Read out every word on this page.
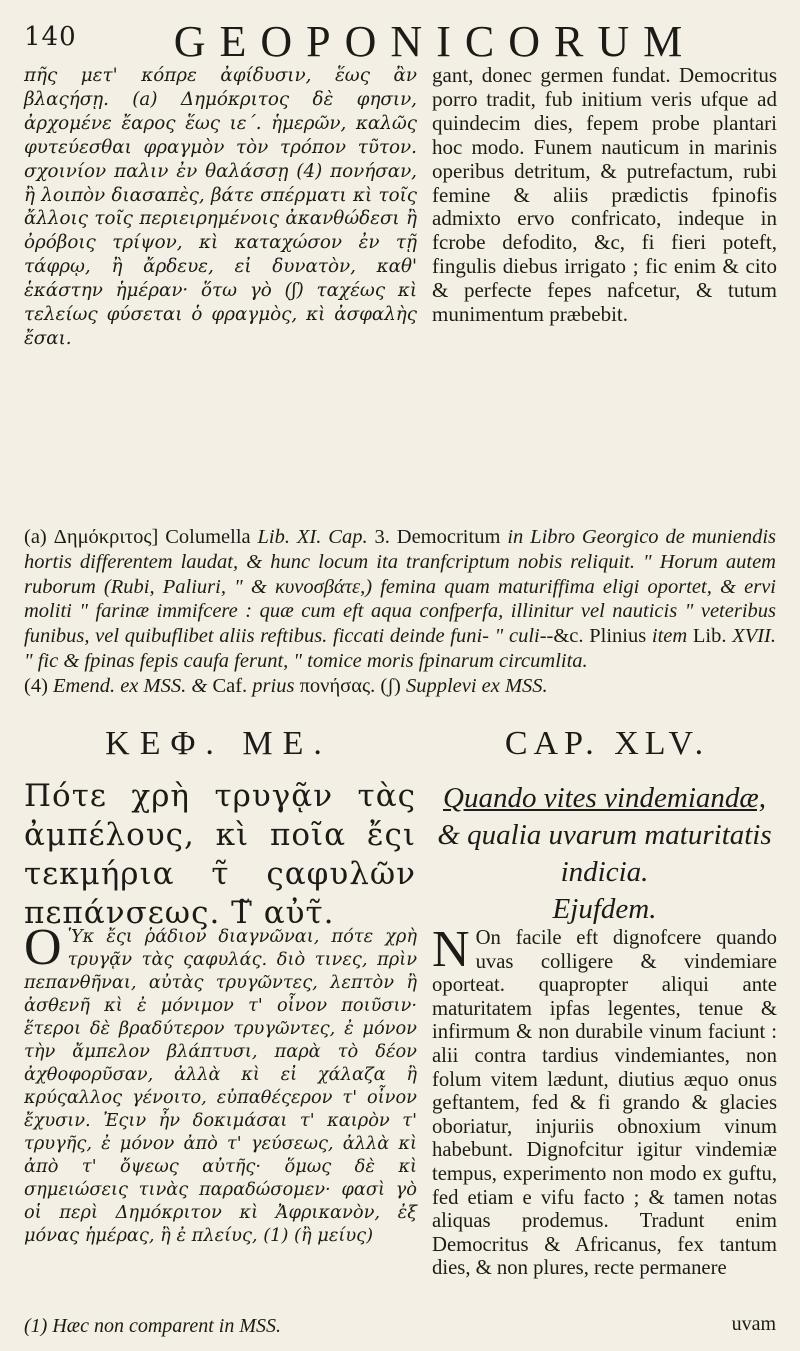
140	GEOPONICORUM

πῆς μετ' κόπρε ἀφίδυσιν, ἕως ἂν βλαςήσῃ. (a) Δημόκριτος δὲ φησιν, ἀρχομένε ἔαρος ἕως ιε΄. ἡμερῶν, καλῶς φυτεύεσθαι φραγμὸν τὸν τρόπον τῦτον. σχοινίον παλιν ἐν θαλάσσῃ (4) πονήσαν, ἢ λοιπὸν διασαπὲς, βάτε σπέρματι κὶ τοῖς ἄλλοις τοῖς περιειρημένοις ἀκανθώδεσι ἢ ὀρόβοις τρίψον, κὶ καταχώσον ἐν τῇ τάφρῳ, ἢ ἄρδευε, εἰ δυνατὸν, καθ' ἑκάστην ἡμέραν· ὅτω γὸ (ʃ) ταχέως κὶ τελείως φύσεται ὁ φραγμὸς, κὶ ἀσφαλὴς ἔσαι.

gant, donec germen fundat. Democritus porro tradit, fub initium veris ufque ad quindecim dies, fepem probe plantari hoc modo. Funem nauticum in marinis operibus detritum, & putrefactum, rubi femine & aliis prædictis fpinofis admixto ervo confricato, indeque in fcrobe defodito, &c, fi fieri poteft, fingulis diebus irrigato ; fic enim & cito & perfecte fepes nafcetur, & tutum munimentum præbebit.

(a) Δημόκριτος] Columella Lib. XI. Cap. 3. Democritum in Libro Georgico de muniendis hortis differentem laudat, & hunc locum ita tranfcriptum nobis reliquit. " Horum autem ruborum (Rubi, Paliuri, " & κυνοσβάτε,) femina quam maturiffima eligi oportet, & ervi moliti " farinæ immifcere : quæ cum eft aqua confperfa, illinitur vel nauticis " veteribus funibus, vel quibuflibet aliis reftibus. ficcati deinde funi- " culi--&c. Plinius item Lib. XVII. " fic & fpinas fepis caufa ferunt, " tomice moris fpinarum circumlita.

(4) Emend. ex MSS. & Caf. prius πονήσας. (ʃ) Supplevi ex MSS.

ΚΕΦ. ΜΕ.	CAP. XLV.
Πότε χρὴ τρυγᾷν τὰς ἀμπέλους, κὶ ποῖα ἔςι τεκμήρια τ̃ ςαφυλῶν πεπάνσεως. Τ̃ αὐτ̃.
Quando vites vindemiandæ,
& qualia uvarum maturitatis indicia.
Ejufdem.

Ο Ὑκ ἔςι ῥάδιον διαγνῶναι, πότε χρὴ τρυγᾷν τὰς ςαφυλάς. διὸ τινες, πρὶν πεπανθῆναι, αὐτὰς τρυγῶντες, λεπτὸν ἢ ἀσθενῆ κὶ ἐ μόνιμον τ' οἶνον ποιῦσιν· ἕτεροι δὲ βραδύτερον τρυγῶντες, ἐ μόνον τὴν ἄμπελον βλάπτυσι, παρὰ τὸ δέον ἀχθοφορῦσαν, ἀλλὰ κὶ εἰ χάλαζα ἢ κρύςαλλος γένοιτο, εὐπαθέςερον τ' οἶνον ἔχυσιν. Ἐςιν ἦν δοκιμάσαι τ' καιρὸν τ' τρυγῆς, ἐ μόνον ἀπὸ τ' γεύσεως, ἀλλὰ κὶ ἀπὸ τ' ὄψεως αὐτῆς· ὅμως δὲ κὶ σημειώσεις τινὰς παραδώσομεν· φασὶ γὸ οἱ περὶ Δημόκριτον κὶ Ἀφρικανὸν, ἐξ μόνας ἡμέρας, ἢ ἐ πλείυς, (1) (ἢ μείυς)

N On facile eft dignofcere quando uvas colligere & vindemiare oporteat. quapropter aliqui ante maturitatem ipfas legentes, tenue & infirmum & non durabile vinum faciunt : alii contra tardius vindemiantes, non folum vitem lædunt, diutius æquo onus geftantem, fed & fi grando & glacies oboriatur, injuriis obnoxium vinum habebunt. Dignofcitur igitur vindemiæ tempus, experimento non modo ex guftu, fed etiam e vifu facto ; & tamen notas aliquas prodemus. Tradunt enim Democritus & Africanus, fex tantum dies, & non plures, recte permanere

(1) Hæc non comparent in MSS.	uvam
